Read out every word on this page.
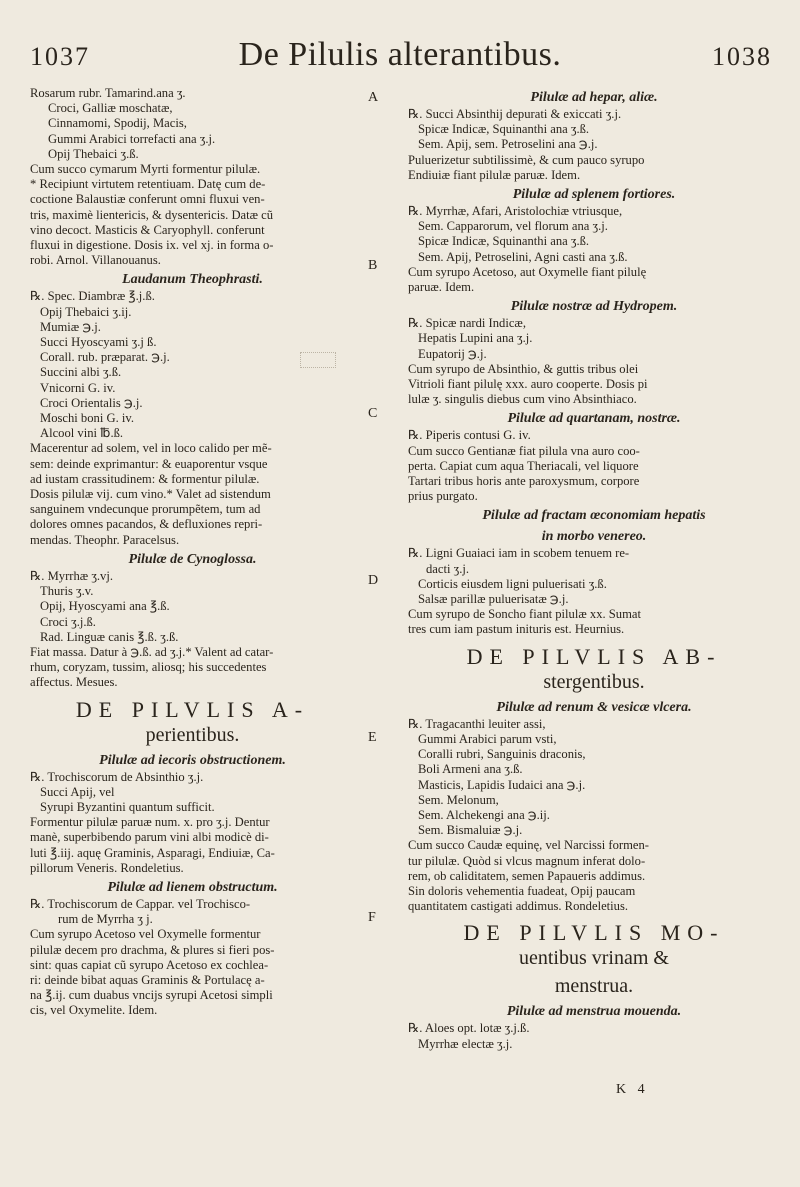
1037	De Pilulis alterantibus.	1038
Rosarum rubr. Tamarind.ana ʒ.
Croci, Galliæ moschatæ,
Cinnamomi, Spodij, Macis,
Gummi Arabici torrefacti ana ʒ.j.
Opij Thebaici ʒ.ß.
Cum succo cymarum Myrti formentur pilulæ.
* Recipiunt virtutem retentiuam. Datę cum de-
coctione Balaustiæ conferunt omni fluxui ven-
tris, maximè lientericis, & dysentericis. Datæ cũ
vino decoct. Masticis & Caryophyll. conferunt
fluxui in digestione. Dosis ix. vel xj. in forma o-
robi. Arnol. Villanouanus.
Laudanum Theophrasti.
℞. Spec. Diambræ ℥.j.ß.
Opij Thebaici ʒ.ij.
Mumiæ ℈.j.
Succi Hyoscyami ʒ.j ß.
Corall. rub. præparat. ℈.j.
Succini albi ʒ.ß.
Vnicorni G. iv.
Croci Orientalis ℈.j.
Moschi boni G. iv.
Alcool vini ℔.ß.
Macerentur ad solem, vel in loco calido per mẽ-
sem: deinde exprimantur: & euaporentur vsque
ad iustam crassitudinem: & formentur pilulæ.
Dosis pilulæ vij. cum vino.* Valet ad sistendum
sanguinem vndecunque prorumpẽtem, tum ad
dolores omnes pacandos, & defluxiones repri-
mendas. Theophr. Paracelsus.
Pilulæ de Cynoglossa.
℞. Myrrhæ ʒ.vj.
Thuris ʒ.v.
Opij, Hyoscyami ana ℥.ß.
Croci ʒ.j.ß.
Rad. Linguæ canis ℥.ß. ʒ.ß.
Fiat massa. Datur à ℈.ß. ad ʒ.j.* Valent ad catar-
rhum, coryzam, tussim, aliosq; his succedentes
affectus. Mesues.
DE PILVLIS A-
perientibus.
Pilulæ ad iecoris obstructionem.
℞. Trochiscorum de Absinthio ʒ.j.
Succi Apij, vel
Syrupi Byzantini quantum sufficit.
Formentur pilulæ paruæ num. x. pro ʒ.j. Dentur
manè, superbibendo parum vini albi modicè di-
luti ℥.iij. aquę Graminis, Asparagi, Endiuiæ, Ca-
pillorum Veneris. Rondeletius.
Pilulæ ad lienem obstructum.
℞. Trochiscorum de Cappar. vel Trochisco-
rum de Myrrha ʒ j.
Cum syrupo Acetoso vel Oxymelle formentur
pilulæ decem pro drachma, & plures si fieri pos-
sint: quas capiat cũ syrupo Acetoso ex cochlea-
ri: deinde bibat aquas Graminis & Portulacę a-
na ℥.ij. cum duabus vncijs syrupi Acetosi simpli
cis, vel Oxymelite. Idem.
Pilulæ ad hepar, aliæ.
℞. Succi Absinthij depurati & exiccati ʒ.j.
Spicæ Indicæ, Squinanthi ana ʒ.ß.
Sem. Apij, sem. Petroselini ana ℈.j.
Puluerizetur subtilissimè, & cum pauco syrupo
Endiuiæ fiant pilulæ paruæ. Idem.
Pilulæ ad splenem fortiores.
℞. Myrrhæ, Afari, Aristolochiæ vtriusque,
Sem. Capparorum, vel florum ana ʒ.j.
Spicæ Indicæ, Squinanthi ana ʒ.ß.
Sem. Apij, Petroselini, Agni casti ana ʒ.ß.
Cum syrupo Acetoso, aut Oxymelle fiant pilulę
paruæ. Idem.
Pilulæ nostræ ad Hydropem.
℞. Spicæ nardi Indicæ,
Hepatis Lupini ana ʒ.j.
Eupatorij ℈.j.
Cum syrupo de Absinthio, & guttis tribus olei
Vitrioli fiant pilulę xxx. auro cooperte. Dosis pi
lulæ ʒ. singulis diebus cum vino Absinthiaco.
Pilulæ ad quartanam, nostræ.
℞. Piperis contusi G. iv.
Cum succo Gentianæ fiat pilula vna auro coo-
perta. Capiat cum aqua Theriacali, vel liquore
Tartari tribus horis ante paroxysmum, corpore
prius purgato.
Pilulæ ad fractam œconomiam hepatis
in morbo venereo.
℞. Ligni Guaiaci iam in scobem tenuem re-
dacti ʒ.j.
Corticis eiusdem ligni puluerisati ʒ.ß.
Salsæ parillæ puluerisatæ ℈.j.
Cum syrupo de Soncho fiant pilulæ xx. Sumat
tres cum iam pastum inituris est. Heurnius.
DE PILVLIS AB-
stergentibus.
Pilulæ ad renum & vesicæ vlcera.
℞. Tragacanthi leuiter assi,
Gummi Arabici parum vsti,
Coralli rubri, Sanguinis draconis,
Boli Armeni ana ʒ.ß.
Masticis, Lapidis Iudaici ana ℈.j.
Sem. Melonum,
Sem. Alchekengi ana ℈.ij.
Sem. Bismaluiæ ℈.j.
Cum succo Caudæ equinę, vel Narcissi formen-
tur pilulæ. Quòd si vlcus magnum inferat dolo-
rem, ob caliditatem, semen Papaueris addimus.
Sin doloris vehementia fuadeat, Opij paucam
quantitatem castigati addimus. Rondeletius.
DE PILVLIS MO-
uentibus vrinam &
menstrua.
Pilulæ ad menstrua mouenda.
℞. Aloes opt. lotæ ʒ.j.ß.
Myrrhæ electæ ʒ.j.
A
B
C
D
E
F
K 4
